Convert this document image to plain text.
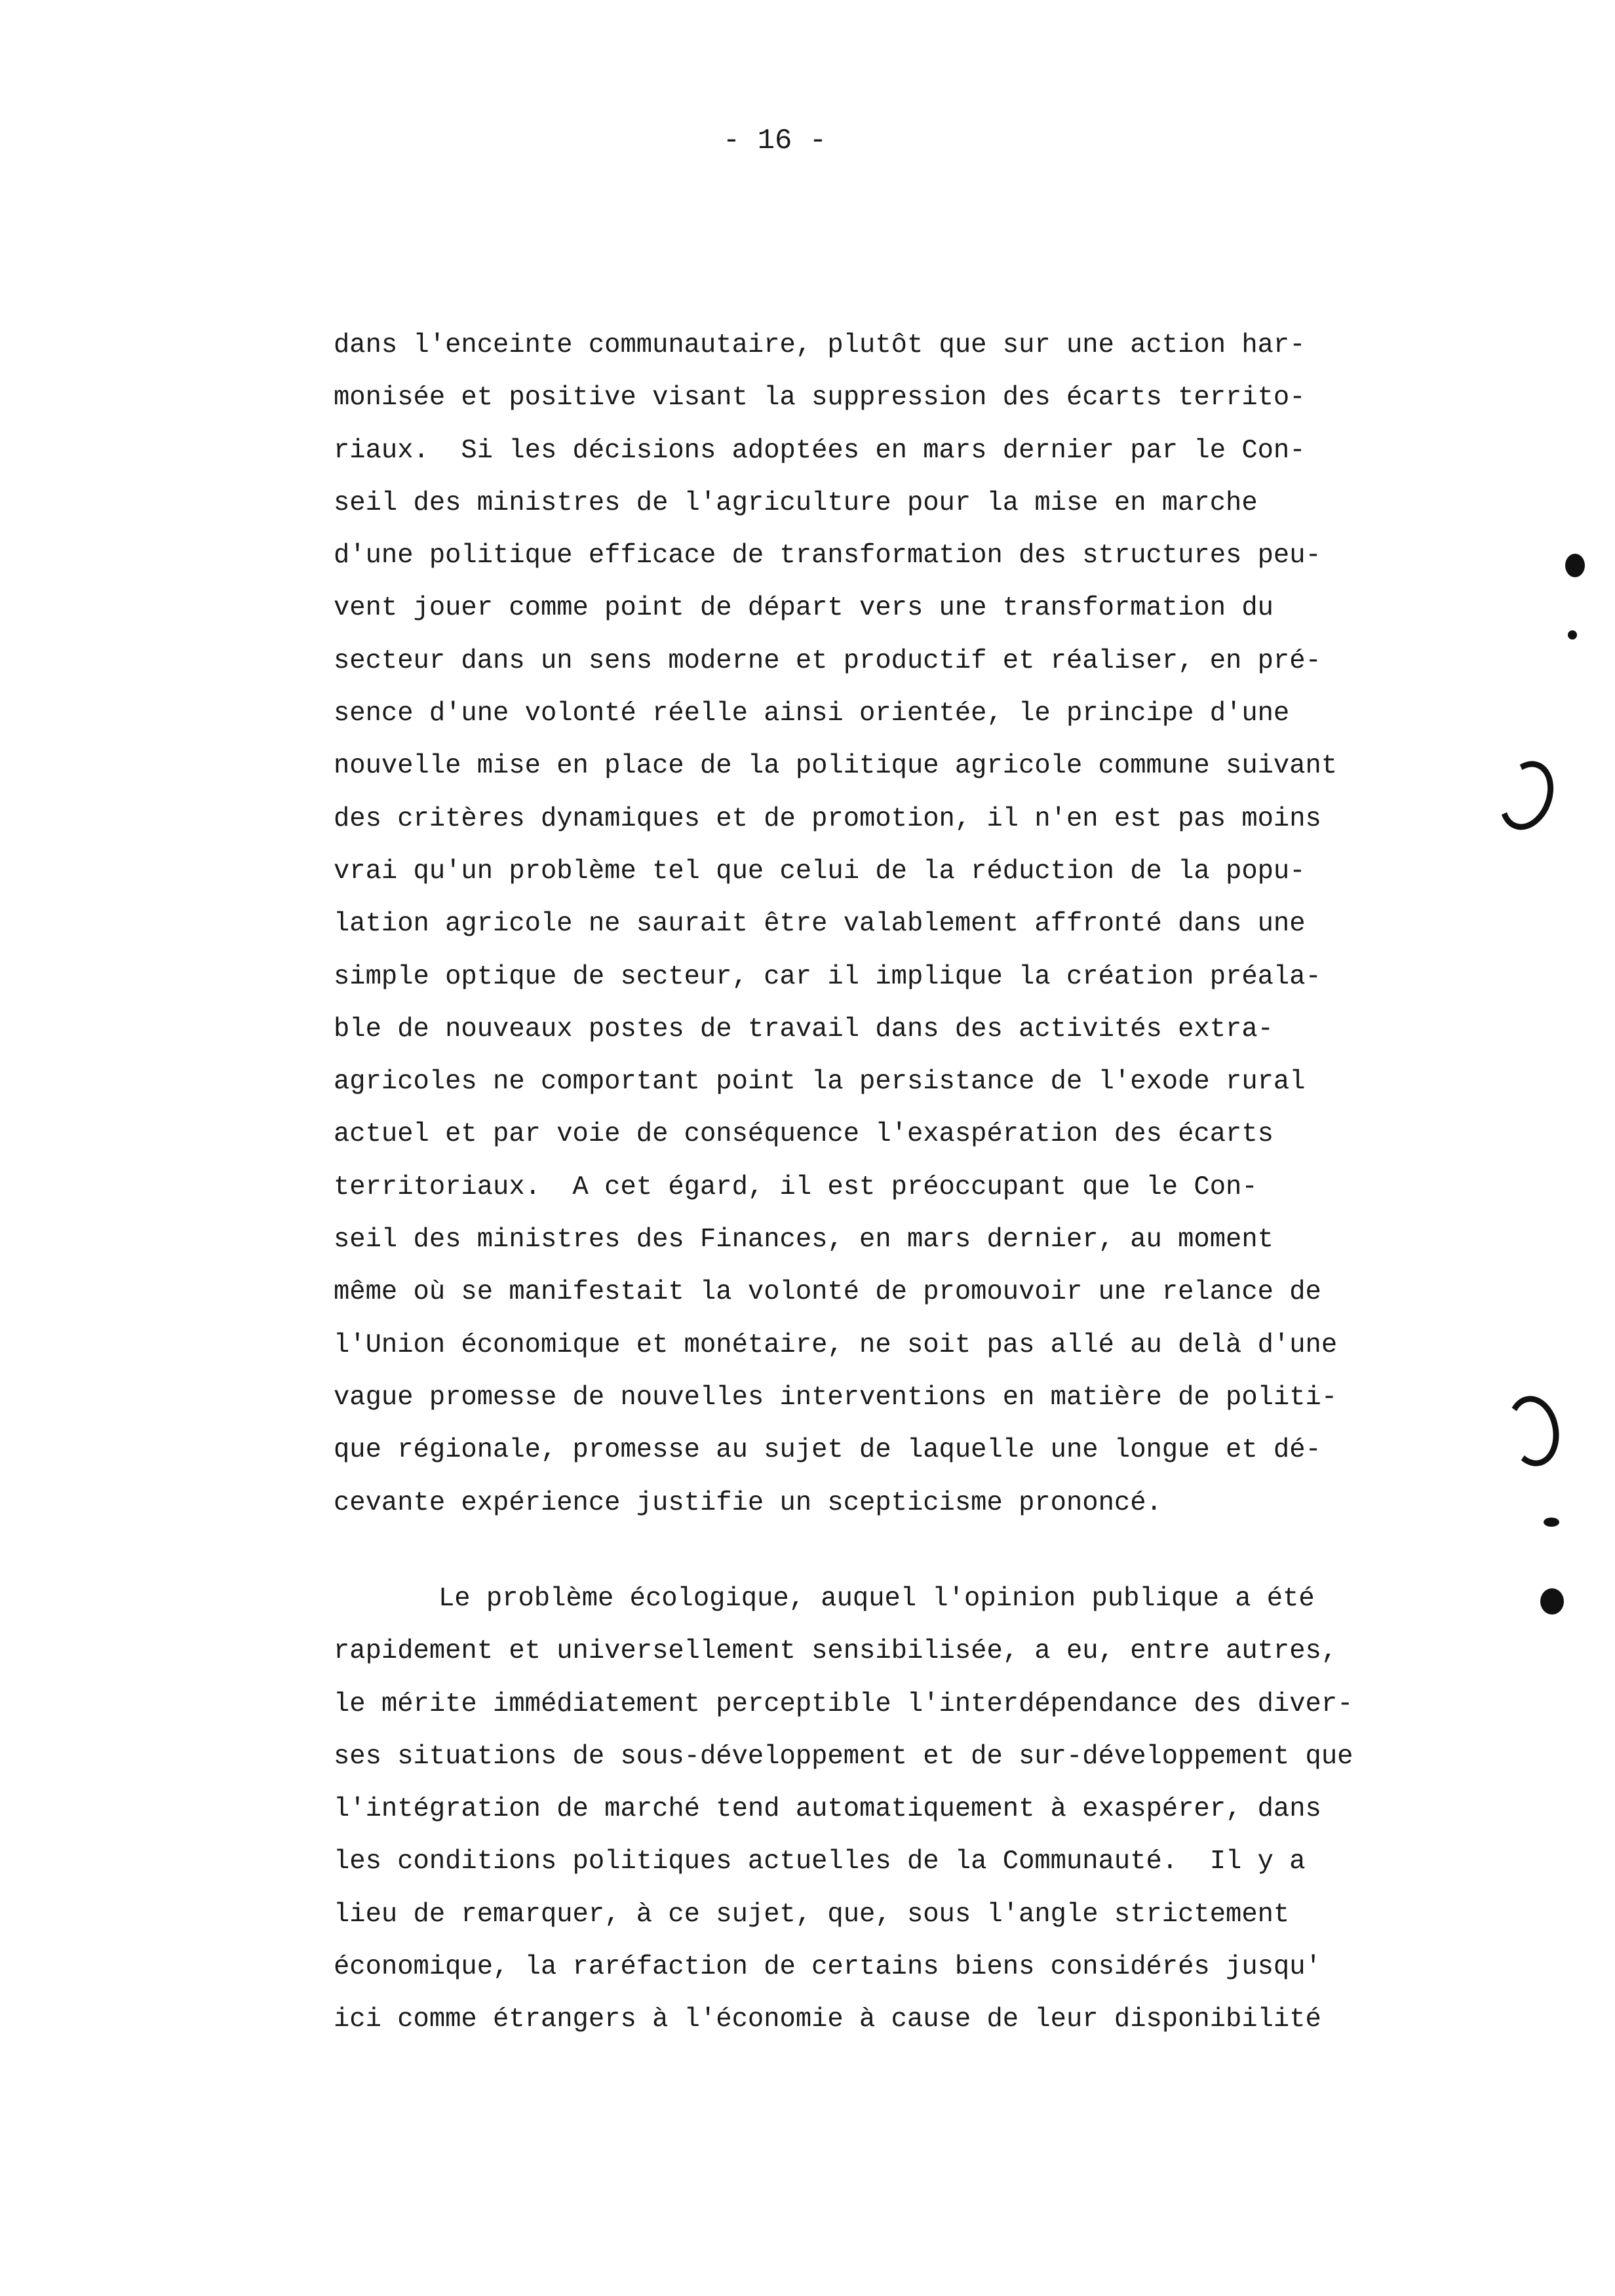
- 16 -
dans l'enceinte communautaire, plutôt que sur une action har-
monisée et positive visant la suppression des écarts territo-
riaux.  Si les décisions adoptées en mars dernier par le Con-
seil des ministres de l'agriculture pour la mise en marche
d'une politique efficace de transformation des structures peu-
vent jouer comme point de départ vers une transformation du
secteur dans un sens moderne et productif et réaliser, en pré-
sence d'une volonté réelle ainsi orientée, le principe d'une
nouvelle mise en place de la politique agricole commune suivant
des critères dynamiques et de promotion, il n'en est pas moins
vrai qu'un problème tel que celui de la réduction de la popu-
lation agricole ne saurait être valablement affronté dans une
simple optique de secteur, car il implique la création préala-
ble de nouveaux postes de travail dans des activités extra-
agricoles ne comportant point la persistance de l'exode rural
actuel et par voie de conséquence l'exaspération des écarts
territoriaux.  A cet égard, il est préoccupant que le Con-
seil des ministres des Finances, en mars dernier, au moment
même où se manifestait la volonté de promouvoir une relance de
l'Union économique et monétaire, ne soit pas allé au delà d'une
vague promesse de nouvelles interventions en matière de politi-
que régionale, promesse au sujet de laquelle une longue et dé-
cevante expérience justifie un scepticisme prononcé.
Le problème écologique, auquel l'opinion publique a été
rapidement et universellement sensibilisée, a eu, entre autres,
le mérite immédiatement perceptible l'interdépendance des diver-
ses situations de sous-développement et de sur-développement que
l'intégration de marché tend automatiquement à exaspérer, dans
les conditions politiques actuelles de la Communauté.  Il y a
lieu de remarquer, à ce sujet, que, sous l'angle strictement
économique, la raréfaction de certains biens considérés jusqu'
ici comme étrangers à l'économie à cause de leur disponibilité
